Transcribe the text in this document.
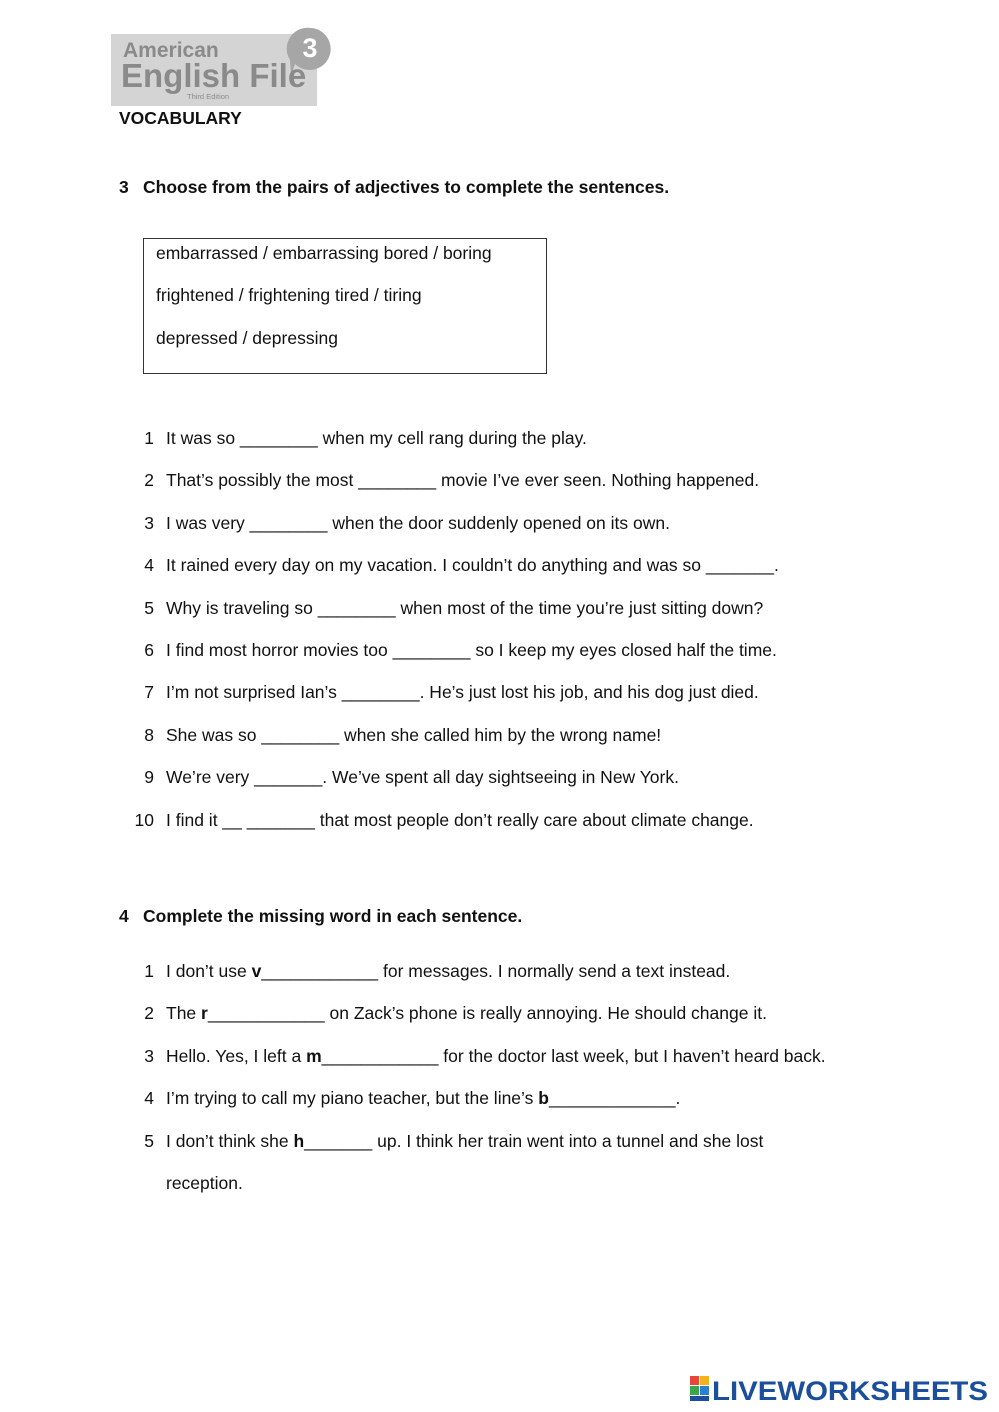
3
American
English File
Third Edition
VOCABULARY
3 Choose from the pairs of adjectives to complete the sentences.
embarrassed / embarrassing bored / boring
frightened / frightening tired / tiring
depressed / depressing
1 It was so ________ when my cell rang during the play.
2 That’s possibly the most ________ movie I’ve ever seen. Nothing happened.
3 I was very ________ when the door suddenly opened on its own.
4 It rained every day on my vacation. I couldn’t do anything and was so _______.
5 Why is traveling so ________ when most of the time you’re just sitting down?
6 I find most horror movies too ________ so I keep my eyes closed half the time.
7 I’m not surprised Ian’s ________. He’s just lost his job, and his dog just died.
8 She was so ________ when she called him by the wrong name!
9 We’re very _______. We’ve spent all day sightseeing in New York.
10 I find it __ _______ that most people don’t really care about climate change.
4 Complete the missing word in each sentence.
1 I don’t use v____________ for messages. I normally send a text instead.
2 The r____________ on Zack’s phone is really annoying. He should change it.
3 Hello. Yes, I left a m____________ for the doctor last week, but I haven’t heard back.
4 I’m trying to call my piano teacher, but the line’s b_____________.
5 I don’t think she h_______ up. I think her train went into a tunnel and she lost
reception.
LIVEWORKSHEETS
